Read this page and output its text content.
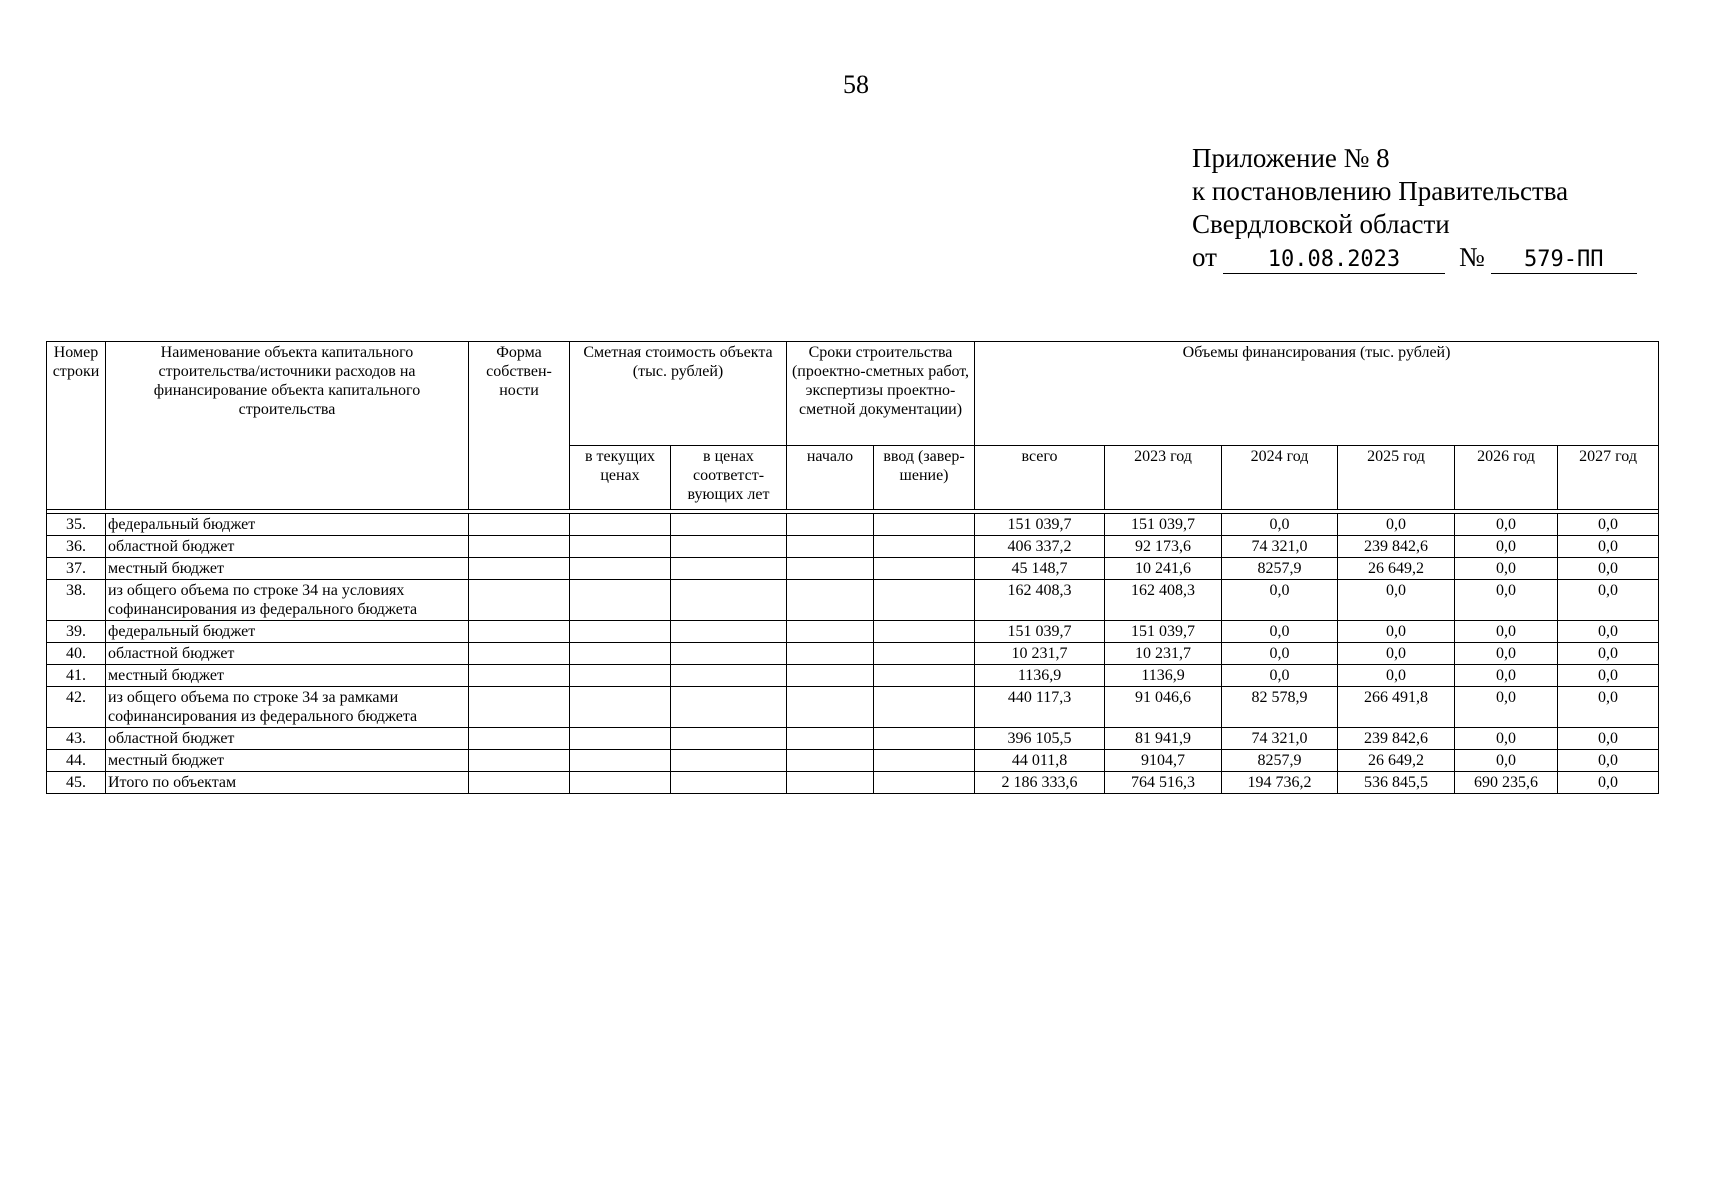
58
Приложение № 8
к постановлению Правительства
Свердловской области
от 10.08.2023 № 579-ПП
Номер строки	Наименование объекта капитального строительства/источники расходов на финансирование объекта капитального строительства	Форма собствен-ности	Сметная стоимость объекта (тыс. рублей)		Сроки строительства (проектно-сметных работ, экспертизы проектно-сметной документации)		Объемы финансирования (тыс. рублей)					
			в текущих ценах	в ценах соответст-вующих лет	начало	ввод (завер-шение)	всего	2023 год	2024 год	2025 год	2026 год	2027 год

35.	федеральный бюджет						151 039,7	151 039,7	0,0	0,0	0,0	0,0
36.	областной бюджет						406 337,2	92 173,6	74 321,0	239 842,6	0,0	0,0
37.	местный бюджет						45 148,7	10 241,6	8257,9	26 649,2	0,0	0,0
38.	из общего объема по строке 34 на условиях софинансирования из федерального бюджета						162 408,3	162 408,3	0,0	0,0	0,0	0,0
39.	федеральный бюджет						151 039,7	151 039,7	0,0	0,0	0,0	0,0
40.	областной бюджет						10 231,7	10 231,7	0,0	0,0	0,0	0,0
41.	местный бюджет						1136,9	1136,9	0,0	0,0	0,0	0,0
42.	из общего объема по строке 34 за рамками софинансирования из федерального бюджета						440 117,3	91 046,6	82 578,9	266 491,8	0,0	0,0
43.	областной бюджет						396 105,5	81 941,9	74 321,0	239 842,6	0,0	0,0
44.	местный бюджет						44 011,8	9104,7	8257,9	26 649,2	0,0	0,0
45.	Итого по объектам						2 186 333,6	764 516,3	194 736,2	536 845,5	690 235,6	0,0
